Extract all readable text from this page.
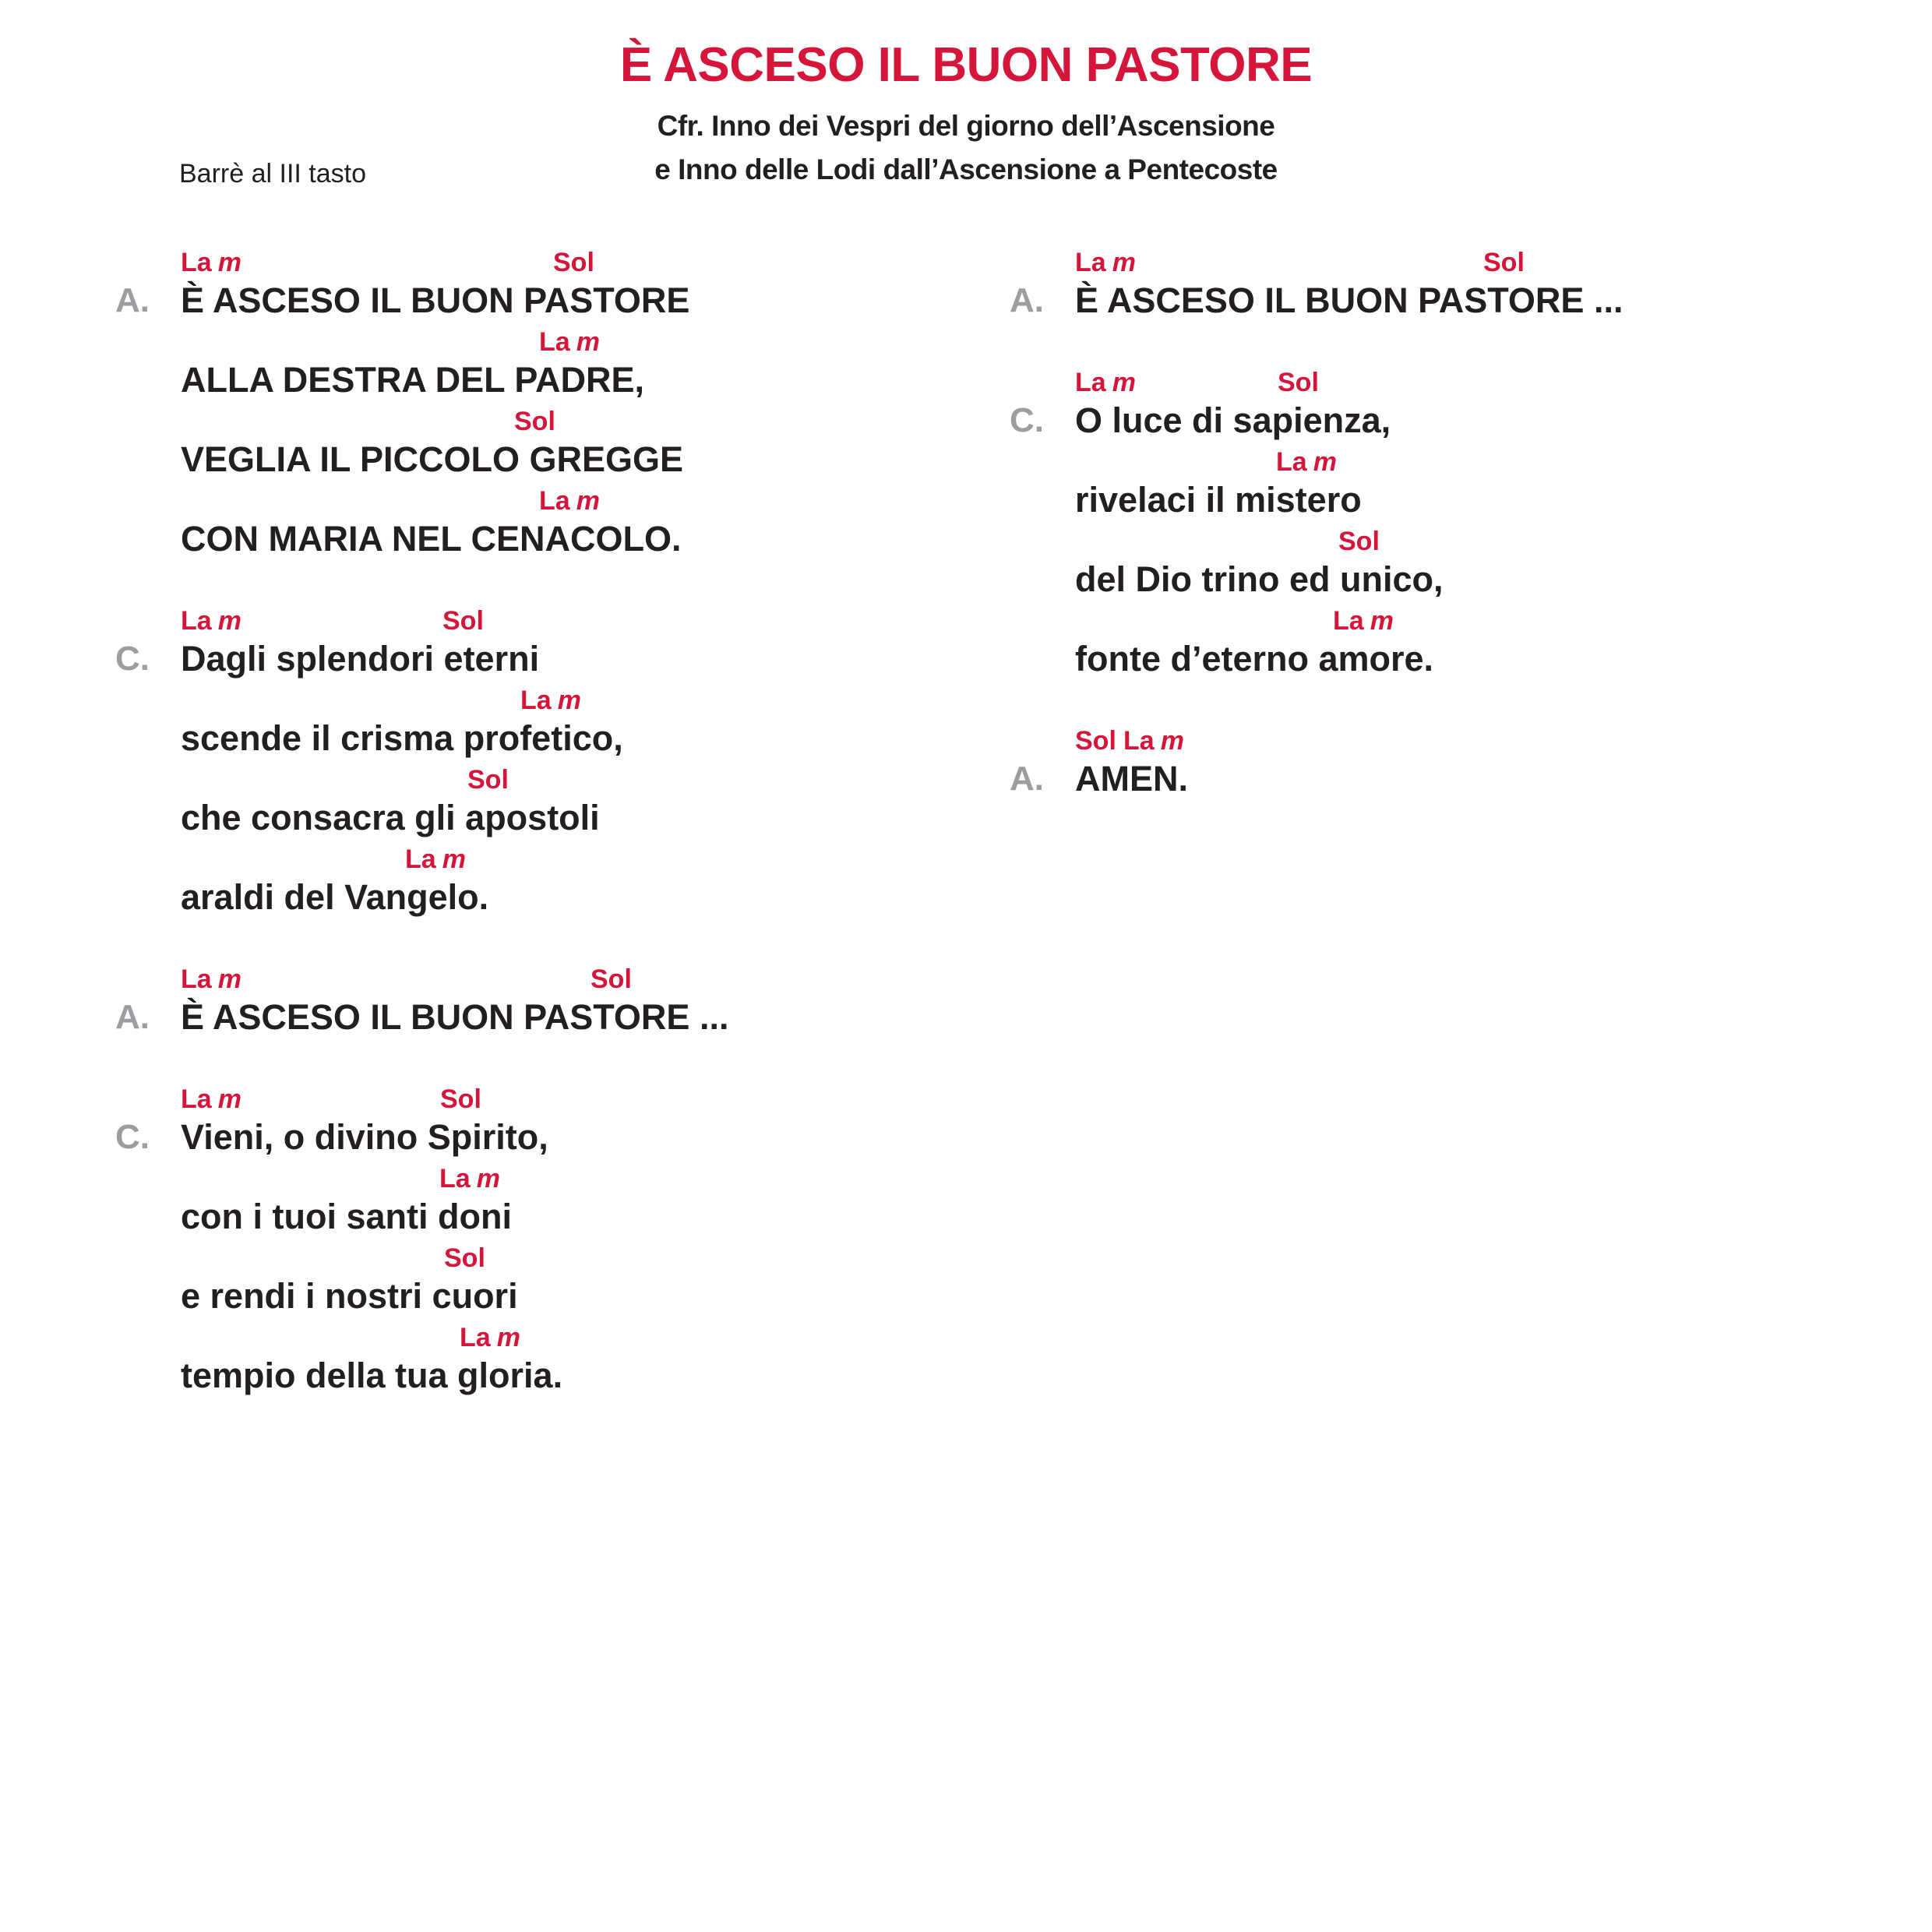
È ASCESO IL BUON PASTORE
Cfr. Inno dei Vespri del giorno dell’Ascensione
e Inno delle Lodi dall’Ascensione a Pentecoste
Barrè al III tasto
A.
La m	Sol
È ASCESO IL BUON PASTORE
La m
ALLA DESTRA DEL PADRE,
Sol
VEGLIA IL PICCOLO GREGGE
La m
CON MARIA NEL CENACOLO.
C.
La m	Sol
Dagli splendori eterni
La m
scende il crisma profetico,
Sol
che consacra gli apostoli
La m
araldi del Vangelo.
A.
La m	Sol
È ASCESO IL BUON PASTORE ...
C.
La m	Sol
Vieni, o divino Spirito,
La m
con i tuoi santi doni
Sol
e rendi i nostri cuori
La m
tempio della tua gloria.
A.
La m	Sol
È ASCESO IL BUON PASTORE ...
C.
La m	Sol
O luce di sapienza,
La m
rivelaci il mistero
Sol
del Dio trino ed unico,
La m
fonte d’eterno amore.
A.
Sol La m
AMEN.
